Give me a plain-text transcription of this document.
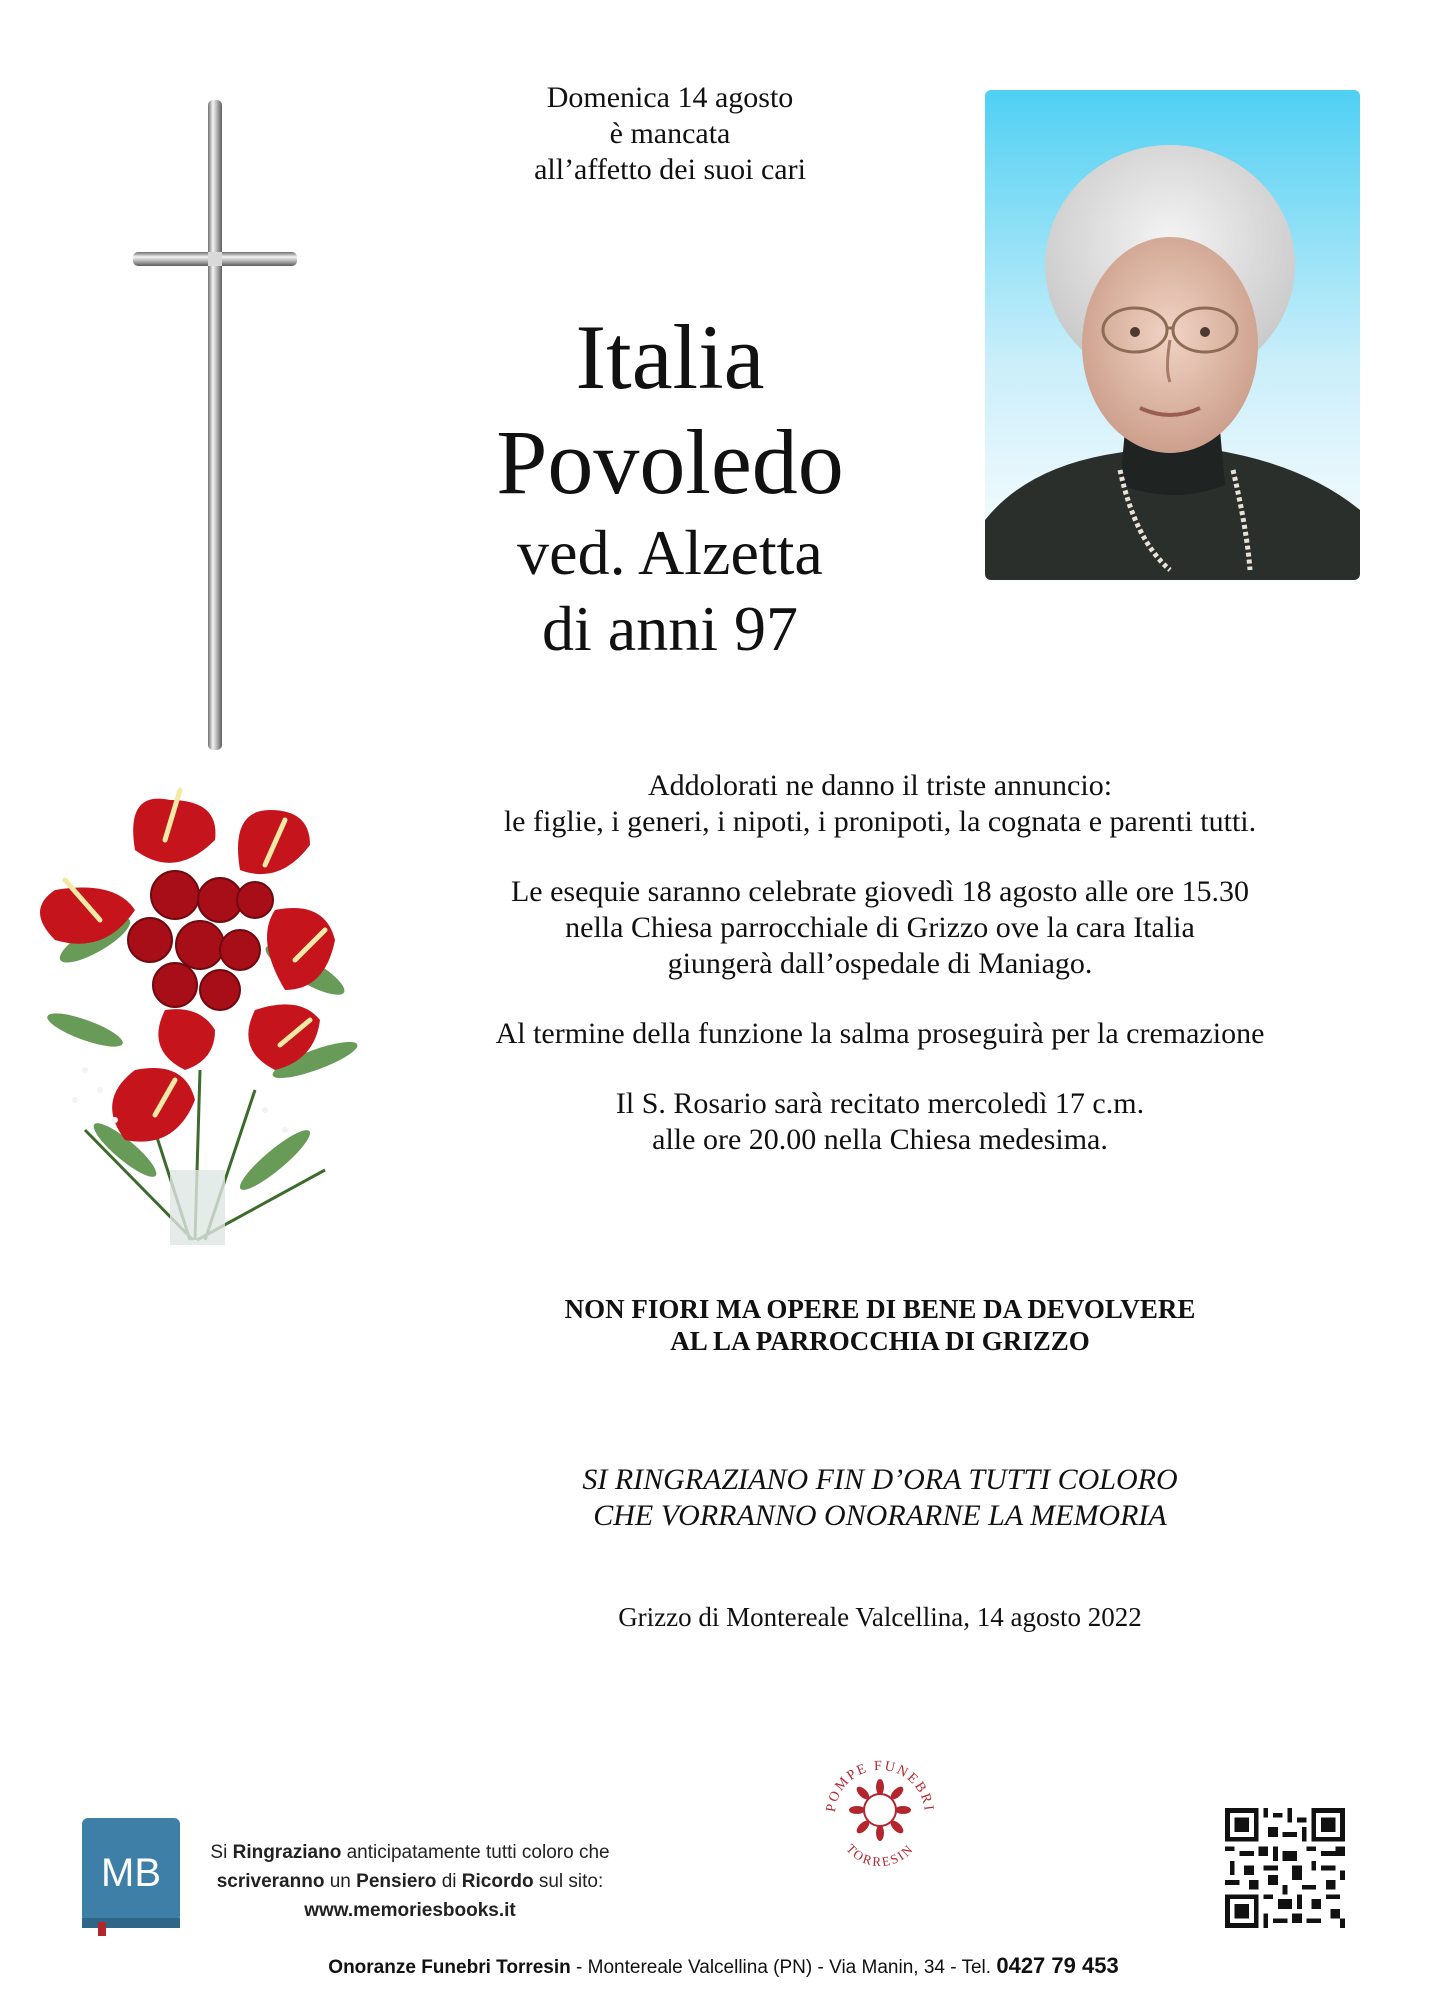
Domenica 14 agosto
è mancata
all’affetto dei suoi cari
Italia
Povoledo
ved. Alzetta
di anni 97

Addolorati ne danno il triste annuncio:
le figlie, i generi, i nipoti, i pronipoti, la cognata e parenti tutti.

Le esequie saranno celebrate giovedì 18 agosto alle ore 15.30
nella Chiesa parrocchiale di Grizzo ove la cara Italia
giungerà dall’ospedale di Maniago.

Al termine della funzione la salma proseguirà per la cremazione

Il S. Rosario sarà recitato mercoledì 17 c.m.
alle ore 20.00 nella Chiesa medesima.

NON FIORI MA OPERE DI BENE DA DEVOLVERE
AL LA PARROCCHIA DI GRIZZO
SI RINGRAZIANO FIN D’ORA TUTTI COLORO
CHE VORRANNO ONORARNE LA MEMORIA
Grizzo di Montereale Valcellina, 14 agosto 2022
MB	Si Ringraziano anticipatamente tutti coloro che
scriveranno un Pensiero di Ricordo sul sito:
www.memoriesbooks.it
POMPE FUNEBRI
TORRESIN
Onoranze Funebri Torresin - Montereale Valcellina (PN) - Via Manin, 34 - Tel. 0427 79 453
